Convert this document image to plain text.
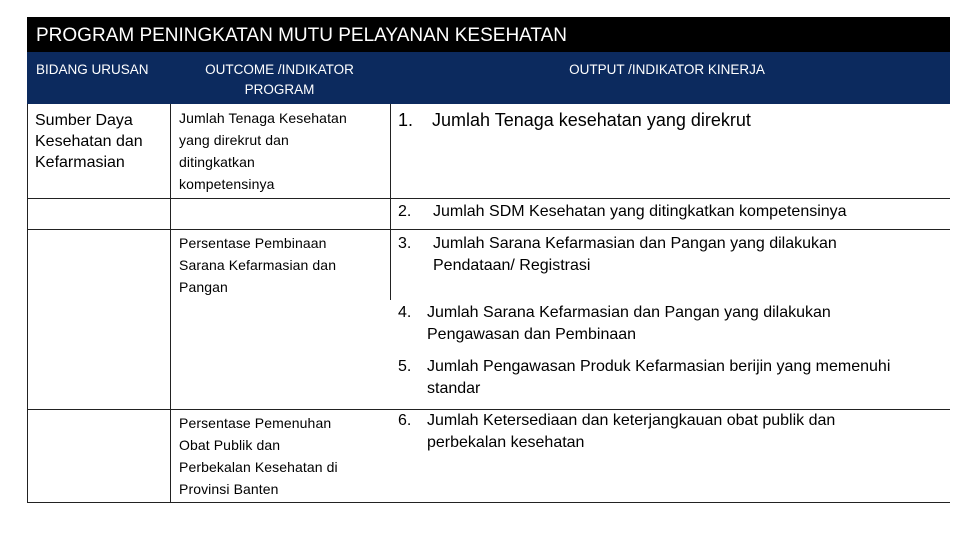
PROGRAM PENINGKATAN MUTU PELAYANAN KESEHATAN
BIDANG URUSAN	OUTCOME /INDIKATOR
PROGRAM
OUTPUT /INDIKATOR KINERJA
Sumber Daya
Kesehatan dan
Kefarmasian
Jumlah Tenaga Kesehatan
yang direkrut dan
ditingkatkan
kompetensinya
Persentase Pembinaan
Sarana Kefarmasian dan
Pangan
Persentase Pemenuhan
Obat Publik dan
Perbekalan Kesehatan di
Provinsi Banten
1. Jumlah Tenaga kesehatan yang direkrut
2. Jumlah SDM Kesehatan yang ditingkatkan kompetensinya
3. Jumlah Sarana Kefarmasian dan Pangan yang dilakukan
Pendataan/ Registrasi
4. Jumlah Sarana Kefarmasian dan Pangan yang dilakukan
Pengawasan dan Pembinaan
5. Jumlah Pengawasan Produk Kefarmasian berijin yang memenuhi
standar
6. Jumlah Ketersediaan dan keterjangkauan obat publik dan
perbekalan kesehatan
